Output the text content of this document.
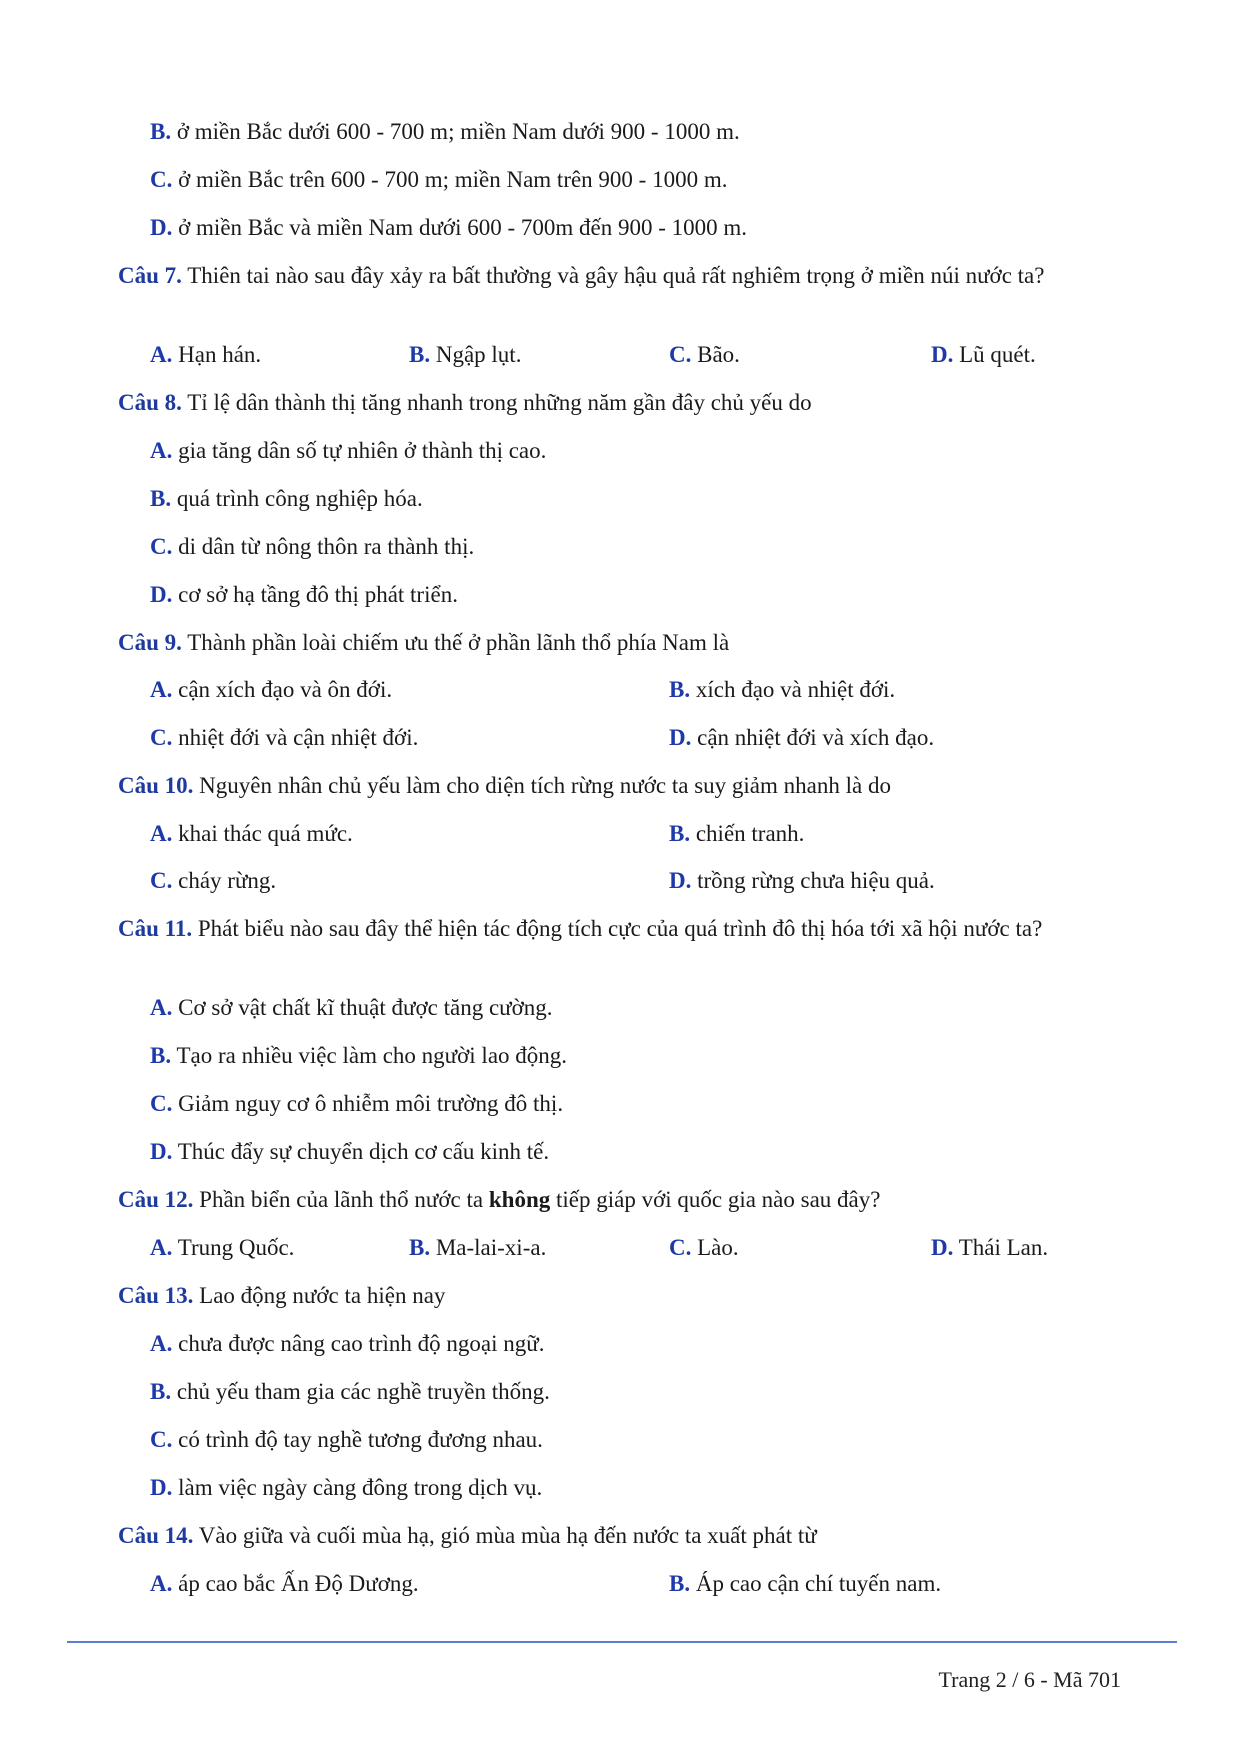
B. ở miền Bắc dưới 600 - 700 m; miền Nam dưới 900 - 1000 m.
C. ở miền Bắc trên 600 - 700 m; miền Nam trên 900 - 1000 m.
D. ở miền Bắc và miền Nam dưới 600 - 700m đến 900 - 1000 m.
Câu 7. Thiên tai nào sau đây xảy ra bất thường và gây hậu quả rất nghiêm trọng ở miền núi nước ta?
A. Hạn hán.	B. Ngập lụt.	C. Bão.	D. Lũ quét.
Câu 8. Tỉ lệ dân thành thị tăng nhanh trong những năm gần đây chủ yếu do
A. gia tăng dân số tự nhiên ở thành thị cao.
B. quá trình công nghiệp hóa.
C. di dân từ nông thôn ra thành thị.
D. cơ sở hạ tầng đô thị phát triển.
Câu 9. Thành phần loài chiếm ưu thế ở phần lãnh thổ phía Nam là
A. cận xích đạo và ôn đới.	B. xích đạo và nhiệt đới.
C. nhiệt đới và cận nhiệt đới.	D. cận nhiệt đới và xích đạo.
Câu 10. Nguyên nhân chủ yếu làm cho diện tích rừng nước ta suy giảm nhanh là do
A. khai thác quá mức.	B. chiến tranh.
C. cháy rừng.	D. trồng rừng chưa hiệu quả.
Câu 11. Phát biểu nào sau đây thể hiện tác động tích cực của quá trình đô thị hóa tới xã hội nước ta?
A. Cơ sở vật chất kĩ thuật được tăng cường.
B. Tạo ra nhiều việc làm cho người lao động.
C. Giảm nguy cơ ô nhiễm môi trường đô thị.
D. Thúc đẩy sự chuyển dịch cơ cấu kinh tế.
Câu 12. Phần biển của lãnh thổ nước ta không tiếp giáp với quốc gia nào sau đây?
A. Trung Quốc.	B. Ma-lai-xi-a.	C. Lào.	D. Thái Lan.
Câu 13. Lao động nước ta hiện nay
A. chưa được nâng cao trình độ ngoại ngữ.
B. chủ yếu tham gia các nghề truyền thống.
C. có trình độ tay nghề tương đương nhau.
D. làm việc ngày càng đông trong dịch vụ.
Câu 14. Vào giữa và cuối mùa hạ, gió mùa mùa hạ đến nước ta xuất phát từ
A. áp cao bắc Ấn Độ Dương.	B. Áp cao cận chí tuyến nam.
Trang 2 / 6 - Mã 701
